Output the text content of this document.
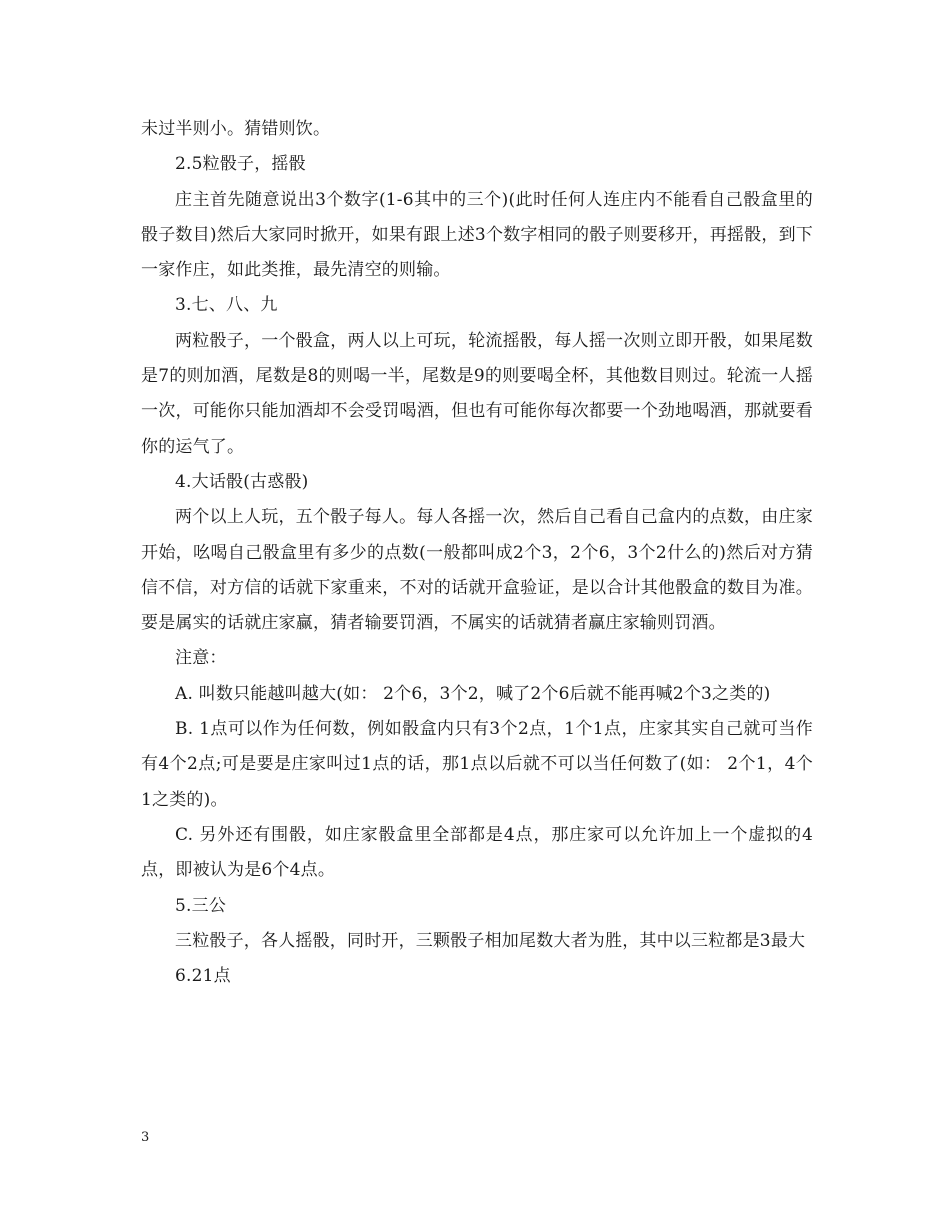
未过半则小。猜错则饮。

2.5粒骰子，摇骰

庄主首先随意说出3个数字(1-6其中的三个)(此时任何人连庄内不能看自己骰盒里的骰子数目)然后大家同时掀开，如果有跟上述3个数字相同的骰子则要移开，再摇骰，到下一家作庄，如此类推，最先清空的则输。

3.七、八、九

两粒骰子，一个骰盒，两人以上可玩，轮流摇骰，每人摇一次则立即开骰，如果尾数是7的则加酒，尾数是8的则喝一半，尾数是9的则要喝全杯，其他数目则过。轮流一人摇一次，可能你只能加酒却不会受罚喝酒，但也有可能你每次都要一个劲地喝酒，那就要看你的运气了。

4.大话骰(古惑骰)

两个以上人玩，五个骰子每人。每人各摇一次，然后自己看自己盒内的点数，由庄家开始，吆喝自己骰盒里有多少的点数(一般都叫成2个3，2个6，3个2什么的)然后对方猜信不信，对方信的话就下家重来，不对的话就开盒验证，是以合计其他骰盒的数目为准。要是属实的话就庄家赢，猜者输要罚酒，不属实的话就猜者赢庄家输则罚酒。

注意：

A. 叫数只能越叫越大(如： 2个6，3个2，喊了2个6后就不能再喊2个3之类的)

B. 1点可以作为任何数，例如骰盒内只有3个2点，1个1点，庄家其实自己就可当作有4个2点;可是要是庄家叫过1点的话，那1点以后就不可以当任何数了(如： 2个1，4个1之类的)。

C. 另外还有围骰，如庄家骰盒里全部都是4点，那庄家可以允许加上一个虚拟的4点，即被认为是6个4点。

5.三公

三粒骰子，各人摇骰，同时开，三颗骰子相加尾数大者为胜，其中以三粒都是3最大

6.21点

3
